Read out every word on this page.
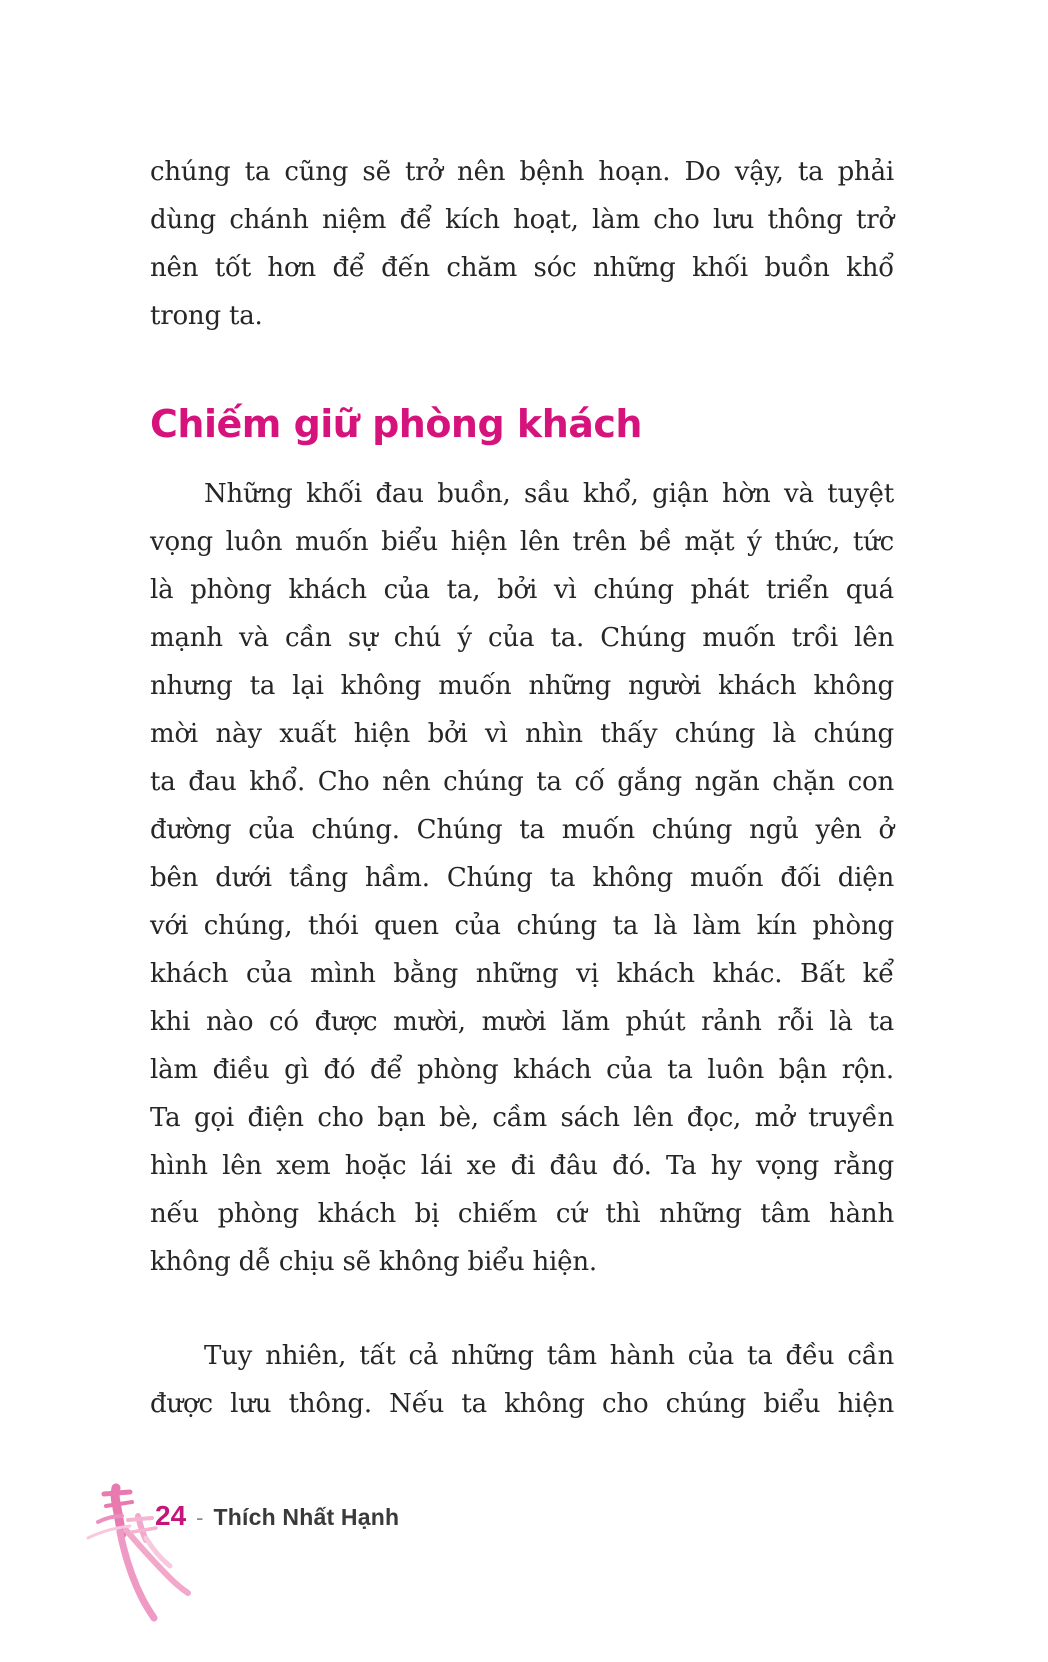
chúng ta cũng sẽ trở nên bệnh hoạn. Do vậy, ta phải
dùng chánh niệm để kích hoạt, làm cho lưu thông trở
nên tốt hơn để đến chăm sóc những khối buồn khổ
trong ta.
Chiếm giữ phòng khách
Những khối đau buồn, sầu khổ, giận hờn và tuyệt
vọng luôn muốn biểu hiện lên trên bề mặt ý thức, tức
là phòng khách của ta, bởi vì chúng phát triển quá
mạnh và cần sự chú ý của ta. Chúng muốn trồi lên
nhưng ta lại không muốn những người khách không
mời này xuất hiện bởi vì nhìn thấy chúng là chúng
ta đau khổ. Cho nên chúng ta cố gắng ngăn chặn con
đường của chúng. Chúng ta muốn chúng ngủ yên ở
bên dưới tầng hầm. Chúng ta không muốn đối diện
với chúng, thói quen của chúng ta là làm kín phòng
khách của mình bằng những vị khách khác. Bất kể
khi nào có được mười, mười lăm phút rảnh rỗi là ta
làm điều gì đó để phòng khách của ta luôn bận rộn.
Ta gọi điện cho bạn bè, cầm sách lên đọc, mở truyền
hình lên xem hoặc lái xe đi đâu đó. Ta hy vọng rằng
nếu phòng khách bị chiếm cứ thì những tâm hành
không dễ chịu sẽ không biểu hiện.
Tuy nhiên, tất cả những tâm hành của ta đều cần
được lưu thông. Nếu ta không cho chúng biểu hiện
24 - Thích Nhất Hạnh
